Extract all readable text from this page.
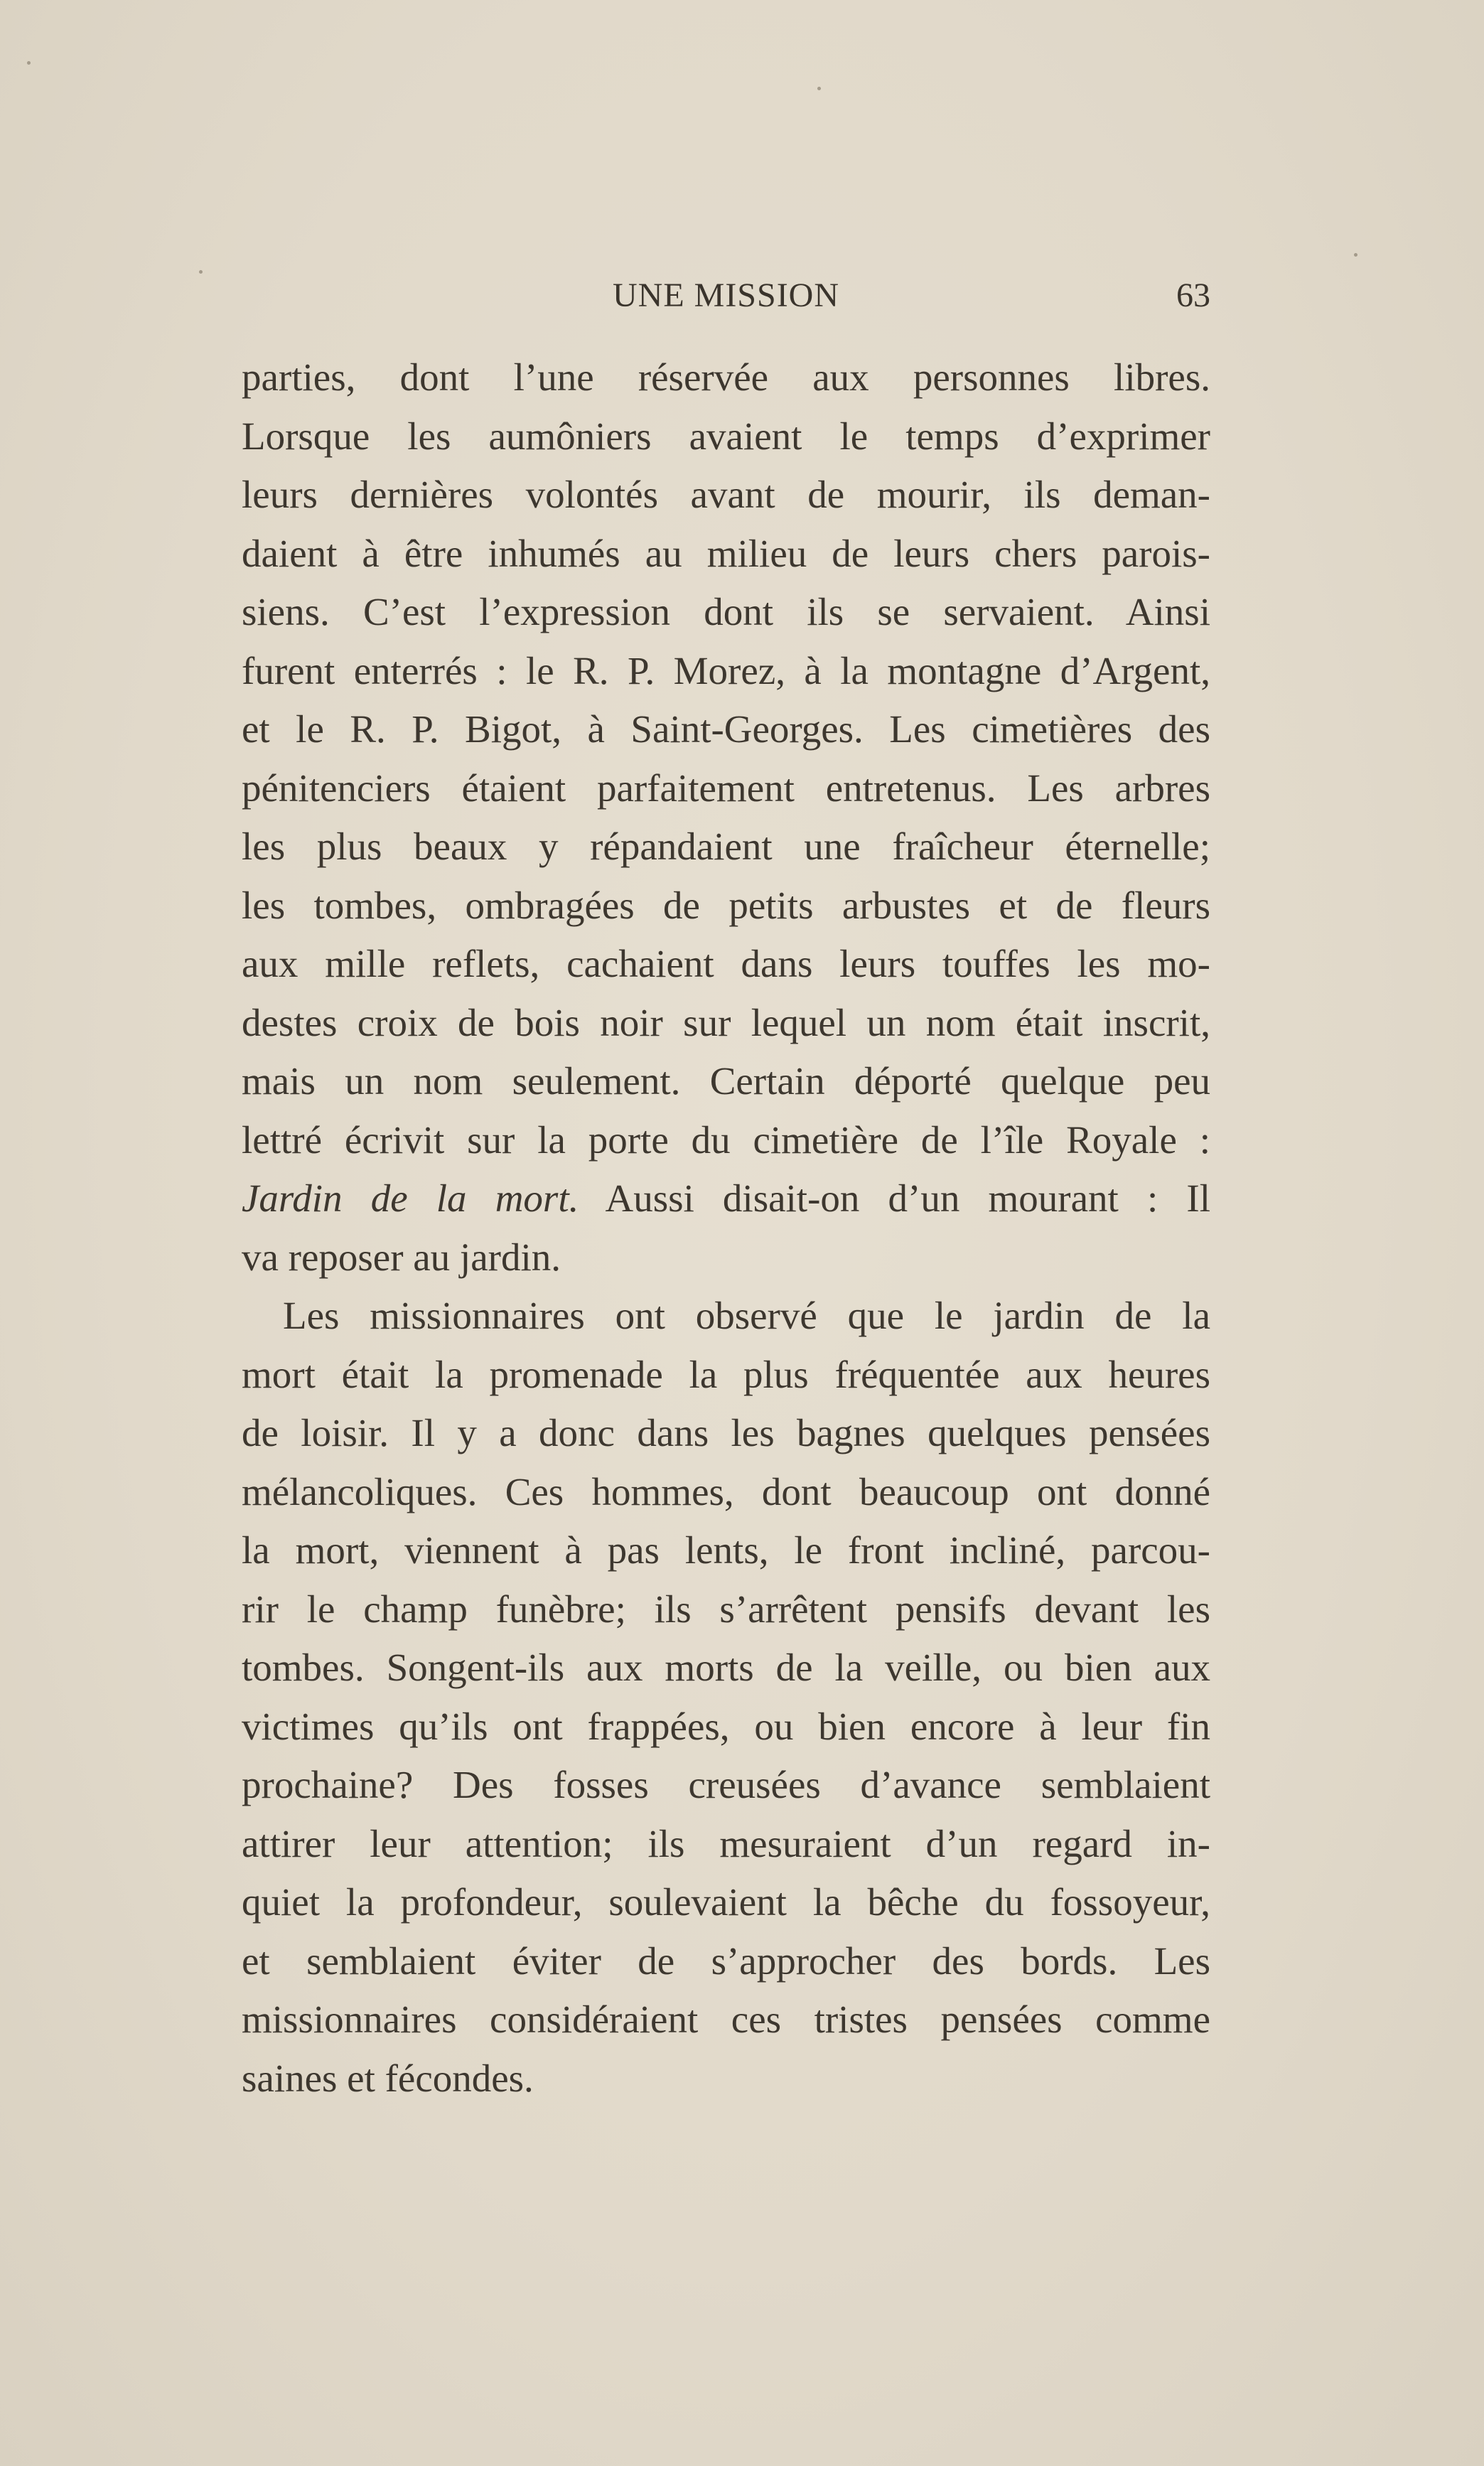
UNE MISSION	63
parties, dont l’une réservée aux personnes libres.
Lorsque les aumôniers avaient le temps d’exprimer
leurs dernières volontés avant de mourir, ils deman-
daient à être inhumés au milieu de leurs chers parois-
siens. C’est l’expression dont ils se servaient. Ainsi
furent enterrés : le R. P. Morez, à la montagne d’Argent,
et le R. P. Bigot, à Saint-Georges. Les cimetières des
pénitenciers étaient parfaitement entretenus. Les arbres
les plus beaux y répandaient une fraîcheur éternelle;
les tombes, ombragées de petits arbustes et de fleurs
aux mille reflets, cachaient dans leurs touffes les mo-
destes croix de bois noir sur lequel un nom était inscrit,
mais un nom seulement. Certain déporté quelque peu
lettré écrivit sur la porte du cimetière de l’île Royale :
Jardin de la mort. Aussi disait-on d’un mourant : Il
va reposer au jardin.
Les missionnaires ont observé que le jardin de la
mort était la promenade la plus fréquentée aux heures
de loisir. Il y a donc dans les bagnes quelques pensées
mélancoliques. Ces hommes, dont beaucoup ont donné
la mort, viennent à pas lents, le front incliné, parcou-
rir le champ funèbre; ils s’arrêtent pensifs devant les
tombes. Songent-ils aux morts de la veille, ou bien aux
victimes qu’ils ont frappées, ou bien encore à leur fin
prochaine? Des fosses creusées d’avance semblaient
attirer leur attention; ils mesuraient d’un regard in-
quiet la profondeur, soulevaient la bêche du fossoyeur,
et semblaient éviter de s’approcher des bords. Les
missionnaires considéraient ces tristes pensées comme
saines et fécondes.
